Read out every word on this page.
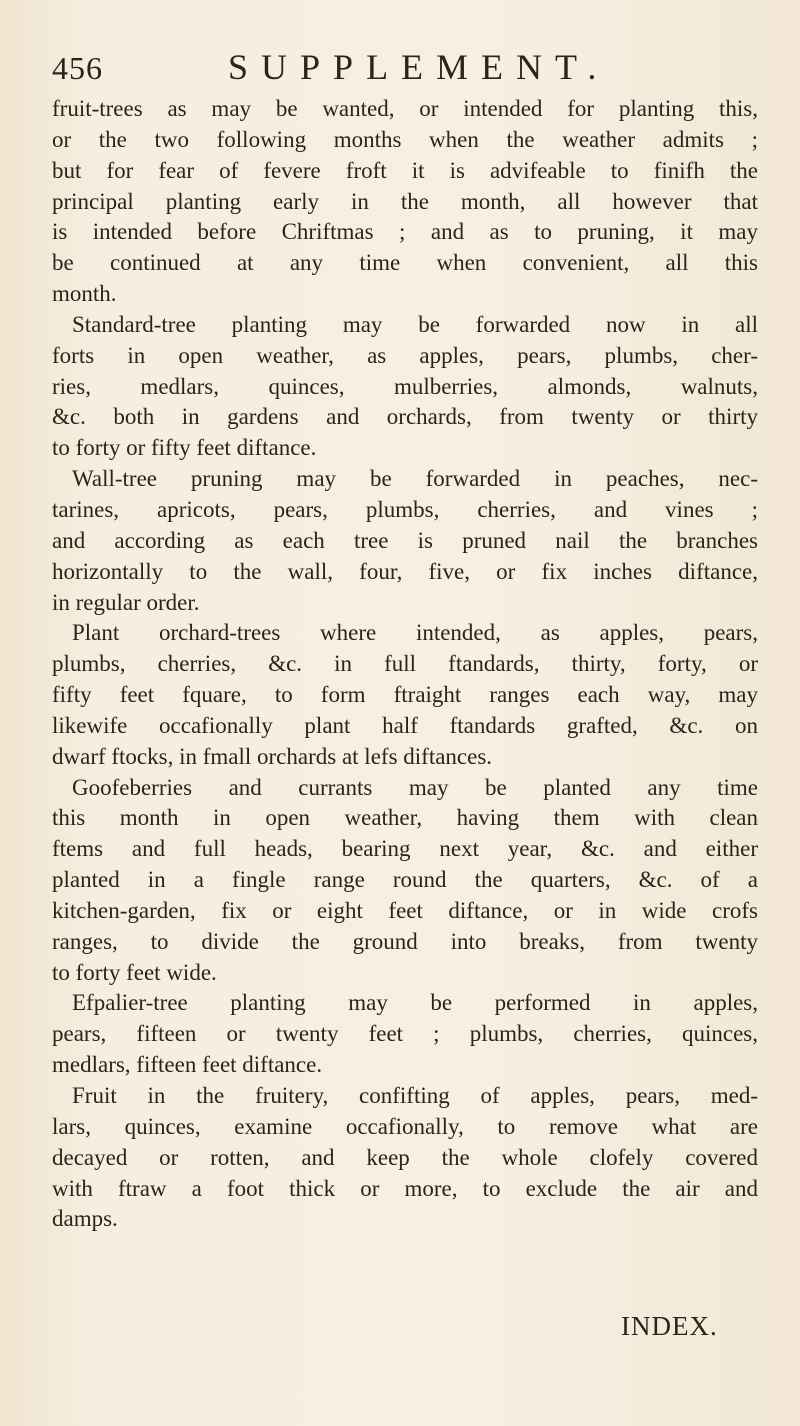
456	SUPPLEMENT.

fruit-trees as may be wanted, or intended for planting this,
or the two following months when the weather admits ;
but for fear of fevere froft it is advifeable to finifh the
principal planting early in the month, all however that
is intended before Chriftmas ; and as to pruning, it may
be continued at any time when convenient, all this
month.

Standard-tree planting may be forwarded now in all
forts in open weather, as apples, pears, plumbs, cher-
ries, medlars, quinces, mulberries, almonds, walnuts,
&c. both in gardens and orchards, from twenty or thirty
to forty or fifty feet diftance.

Wall-tree pruning may be forwarded in peaches, nec-
tarines, apricots, pears, plumbs, cherries, and vines ;
and according as each tree is pruned nail the branches
horizontally to the wall, four, five, or fix inches diftance,
in regular order.

Plant orchard-trees where intended, as apples, pears,
plumbs, cherries, &c. in full ftandards, thirty, forty, or
fifty feet fquare, to form ftraight ranges each way, may
likewife occafionally plant half ftandards grafted, &c. on
dwarf ftocks, in fmall orchards at lefs diftances.

Goofeberries and currants may be planted any time
this month in open weather, having them with clean
ftems and full heads, bearing next year, &c. and either
planted in a fingle range round the quarters, &c. of a
kitchen-garden, fix or eight feet diftance, or in wide crofs
ranges, to divide the ground into breaks, from twenty
to forty feet wide.

Efpalier-tree planting may be performed in apples,
pears, fifteen or twenty feet ; plumbs, cherries, quinces,
medlars, fifteen feet diftance.

Fruit in the fruitery, confifting of apples, pears, med-
lars, quinces, examine occafionally, to remove what are
decayed or rotten, and keep the whole clofely covered
with ftraw a foot thick or more, to exclude the air and
damps.

INDEX.
